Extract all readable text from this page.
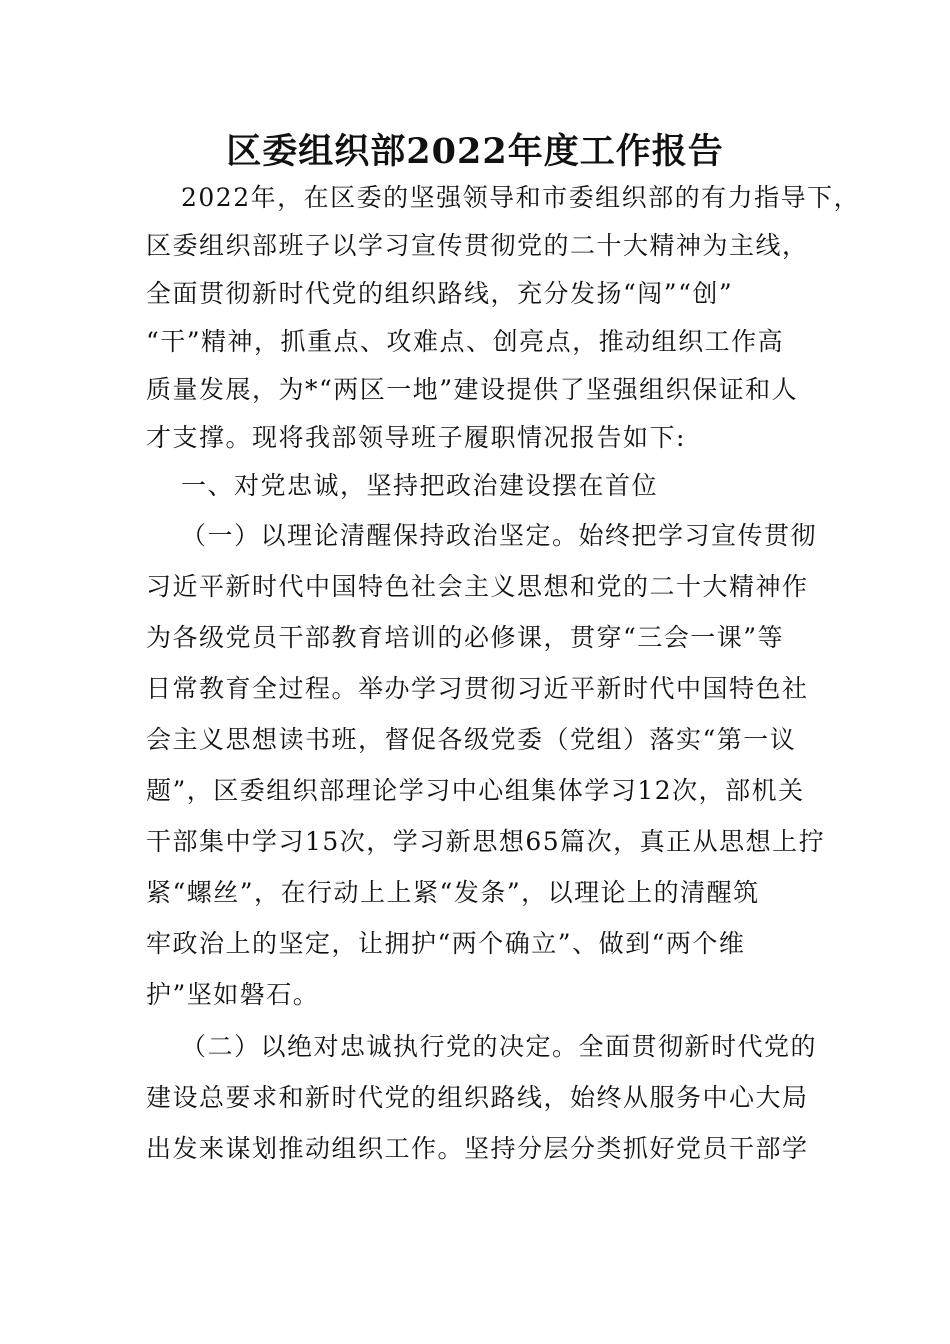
区委组织部2022年度工作报告
2022年，在区委的坚强领导和市委组织部的有力指导下，
区委组织部班子以学习宣传贯彻党的二十大精神为主线，
全面贯彻新时代党的组织路线，充分发扬“闯”“创”
“干”精神，抓重点、攻难点、创亮点，推动组织工作高
质量发展，为*“两区一地”建设提供了坚强组织保证和人
才支撑。现将我部领导班子履职情况报告如下:
一、对党忠诚，坚持把政治建设摆在首位
（一）以理论清醒保持政治坚定。始终把学习宣传贯彻
习近平新时代中国特色社会主义思想和党的二十大精神作
为各级党员干部教育培训的必修课，贯穿“三会一课”等
日常教育全过程。举办学习贯彻习近平新时代中国特色社
会主义思想读书班，督促各级党委（党组）落实“第一议
题”，区委组织部理论学习中心组集体学习12次，部机关
干部集中学习15次，学习新思想65篇次，真正从思想上拧
紧“螺丝”，在行动上上紧“发条”，以理论上的清醒筑
牢政治上的坚定，让拥护“两个确立”、做到“两个维
护”坚如磐石。
（二）以绝对忠诚执行党的决定。全面贯彻新时代党的
建设总要求和新时代党的组织路线，始终从服务中心大局
出发来谋划推动组织工作。坚持分层分类抓好党员干部学
